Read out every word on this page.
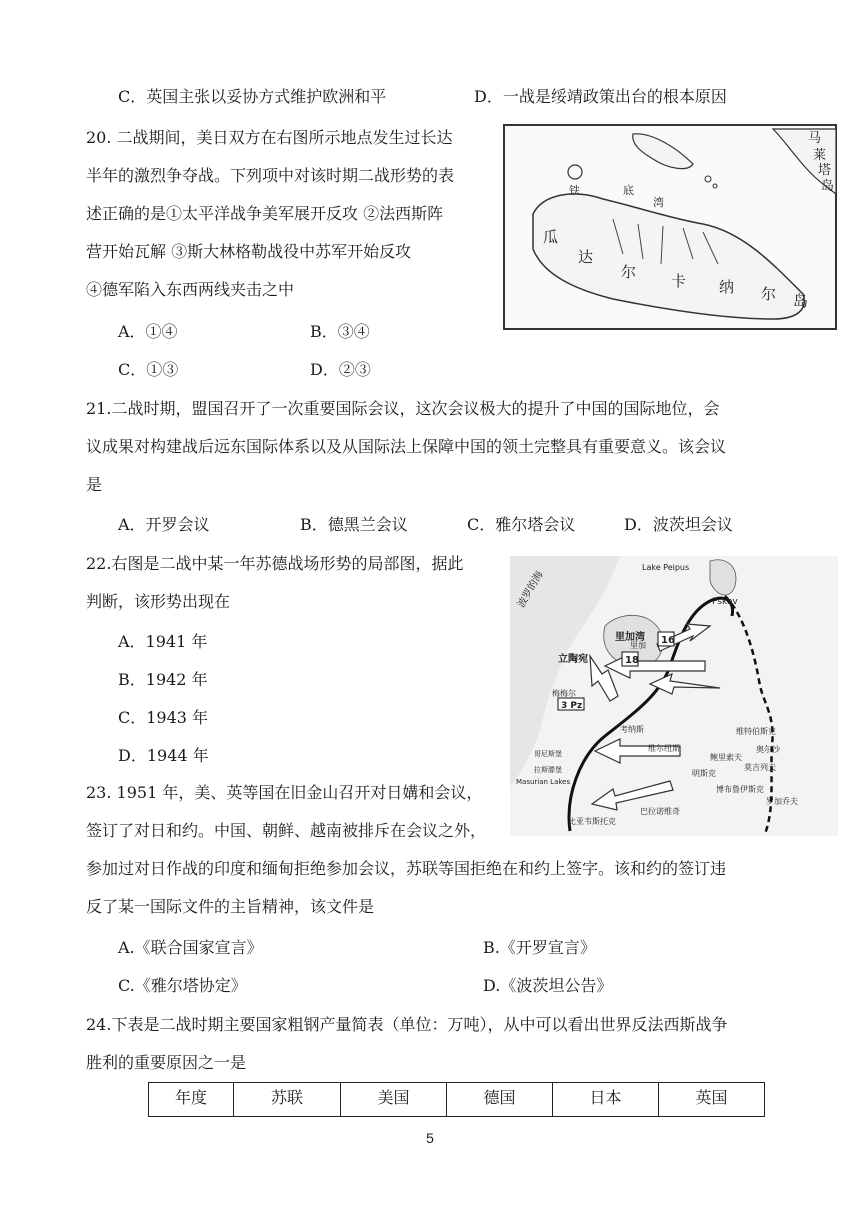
C．英国主张以妥协方式维护欧洲和平	D．一战是绥靖政策出台的根本原因
20. 二战期间，美日双方在右图所示地点发生过长达
半年的激烈争夺战。下列项中对该时期二战形势的表
述正确的是①太平洋战争美军展开反攻 ②法西斯阵
营开始瓦解 ③斯大林格勒战役中苏军开始反攻
④德军陷入东西两线夹击之中
A．①④	B．③④
C．①③	D．②③
瓜
达
尔 卡 纳 尔 岛
马
莱
塔
岛
铁	底
湾
21.二战时期，盟国召开了一次重要国际会议，这次会议极大的提升了中国的国际地位，会
议成果对构建战后远东国际体系以及从国际法上保障中国的领土完整具有重要意义。该会议
是
A．开罗会议	B．德黑兰会议	C．雅尔塔会议	D．波茨坦会议
22.右图是二战中某一年苏德战场形势的局部图，据此
判断，该形势出现在
A．1941 年
B．1942 年
C．1943 年
D．1944 年
16
18
3 Pz
Lake Peipus
Pskov
里加湾
里加
立陶宛
梅梅尔
考纳斯
维尔纽斯
Masurian Lakes
哥尼斯堡
波罗的海
比亚韦斯托克
巴拉诺维奇
维特伯斯克
奥尔沙
莫吉列夫
明斯克
博布鲁伊斯克
罗加乔夫
拉斯滕堡
鲍里索夫
23. 1951 年，美、英等国在旧金山召开对日媾和会议，
签订了对日和约。中国、朝鲜、越南被排斥在会议之外，
参加过对日作战的印度和缅甸拒绝参加会议，苏联等国拒绝在和约上签字。该和约的签订违
反了某一国际文件的主旨精神，该文件是
A.《联合国家宣言》	B.《开罗宣言》
C.《雅尔塔协定》	D.《波茨坦公告》
24.下表是二战时期主要国家粗钢产量简表（单位：万吨），从中可以看出世界反法西斯战争
胜利的重要原因之一是
年度	苏联	美国	德国	日本	英国
5
